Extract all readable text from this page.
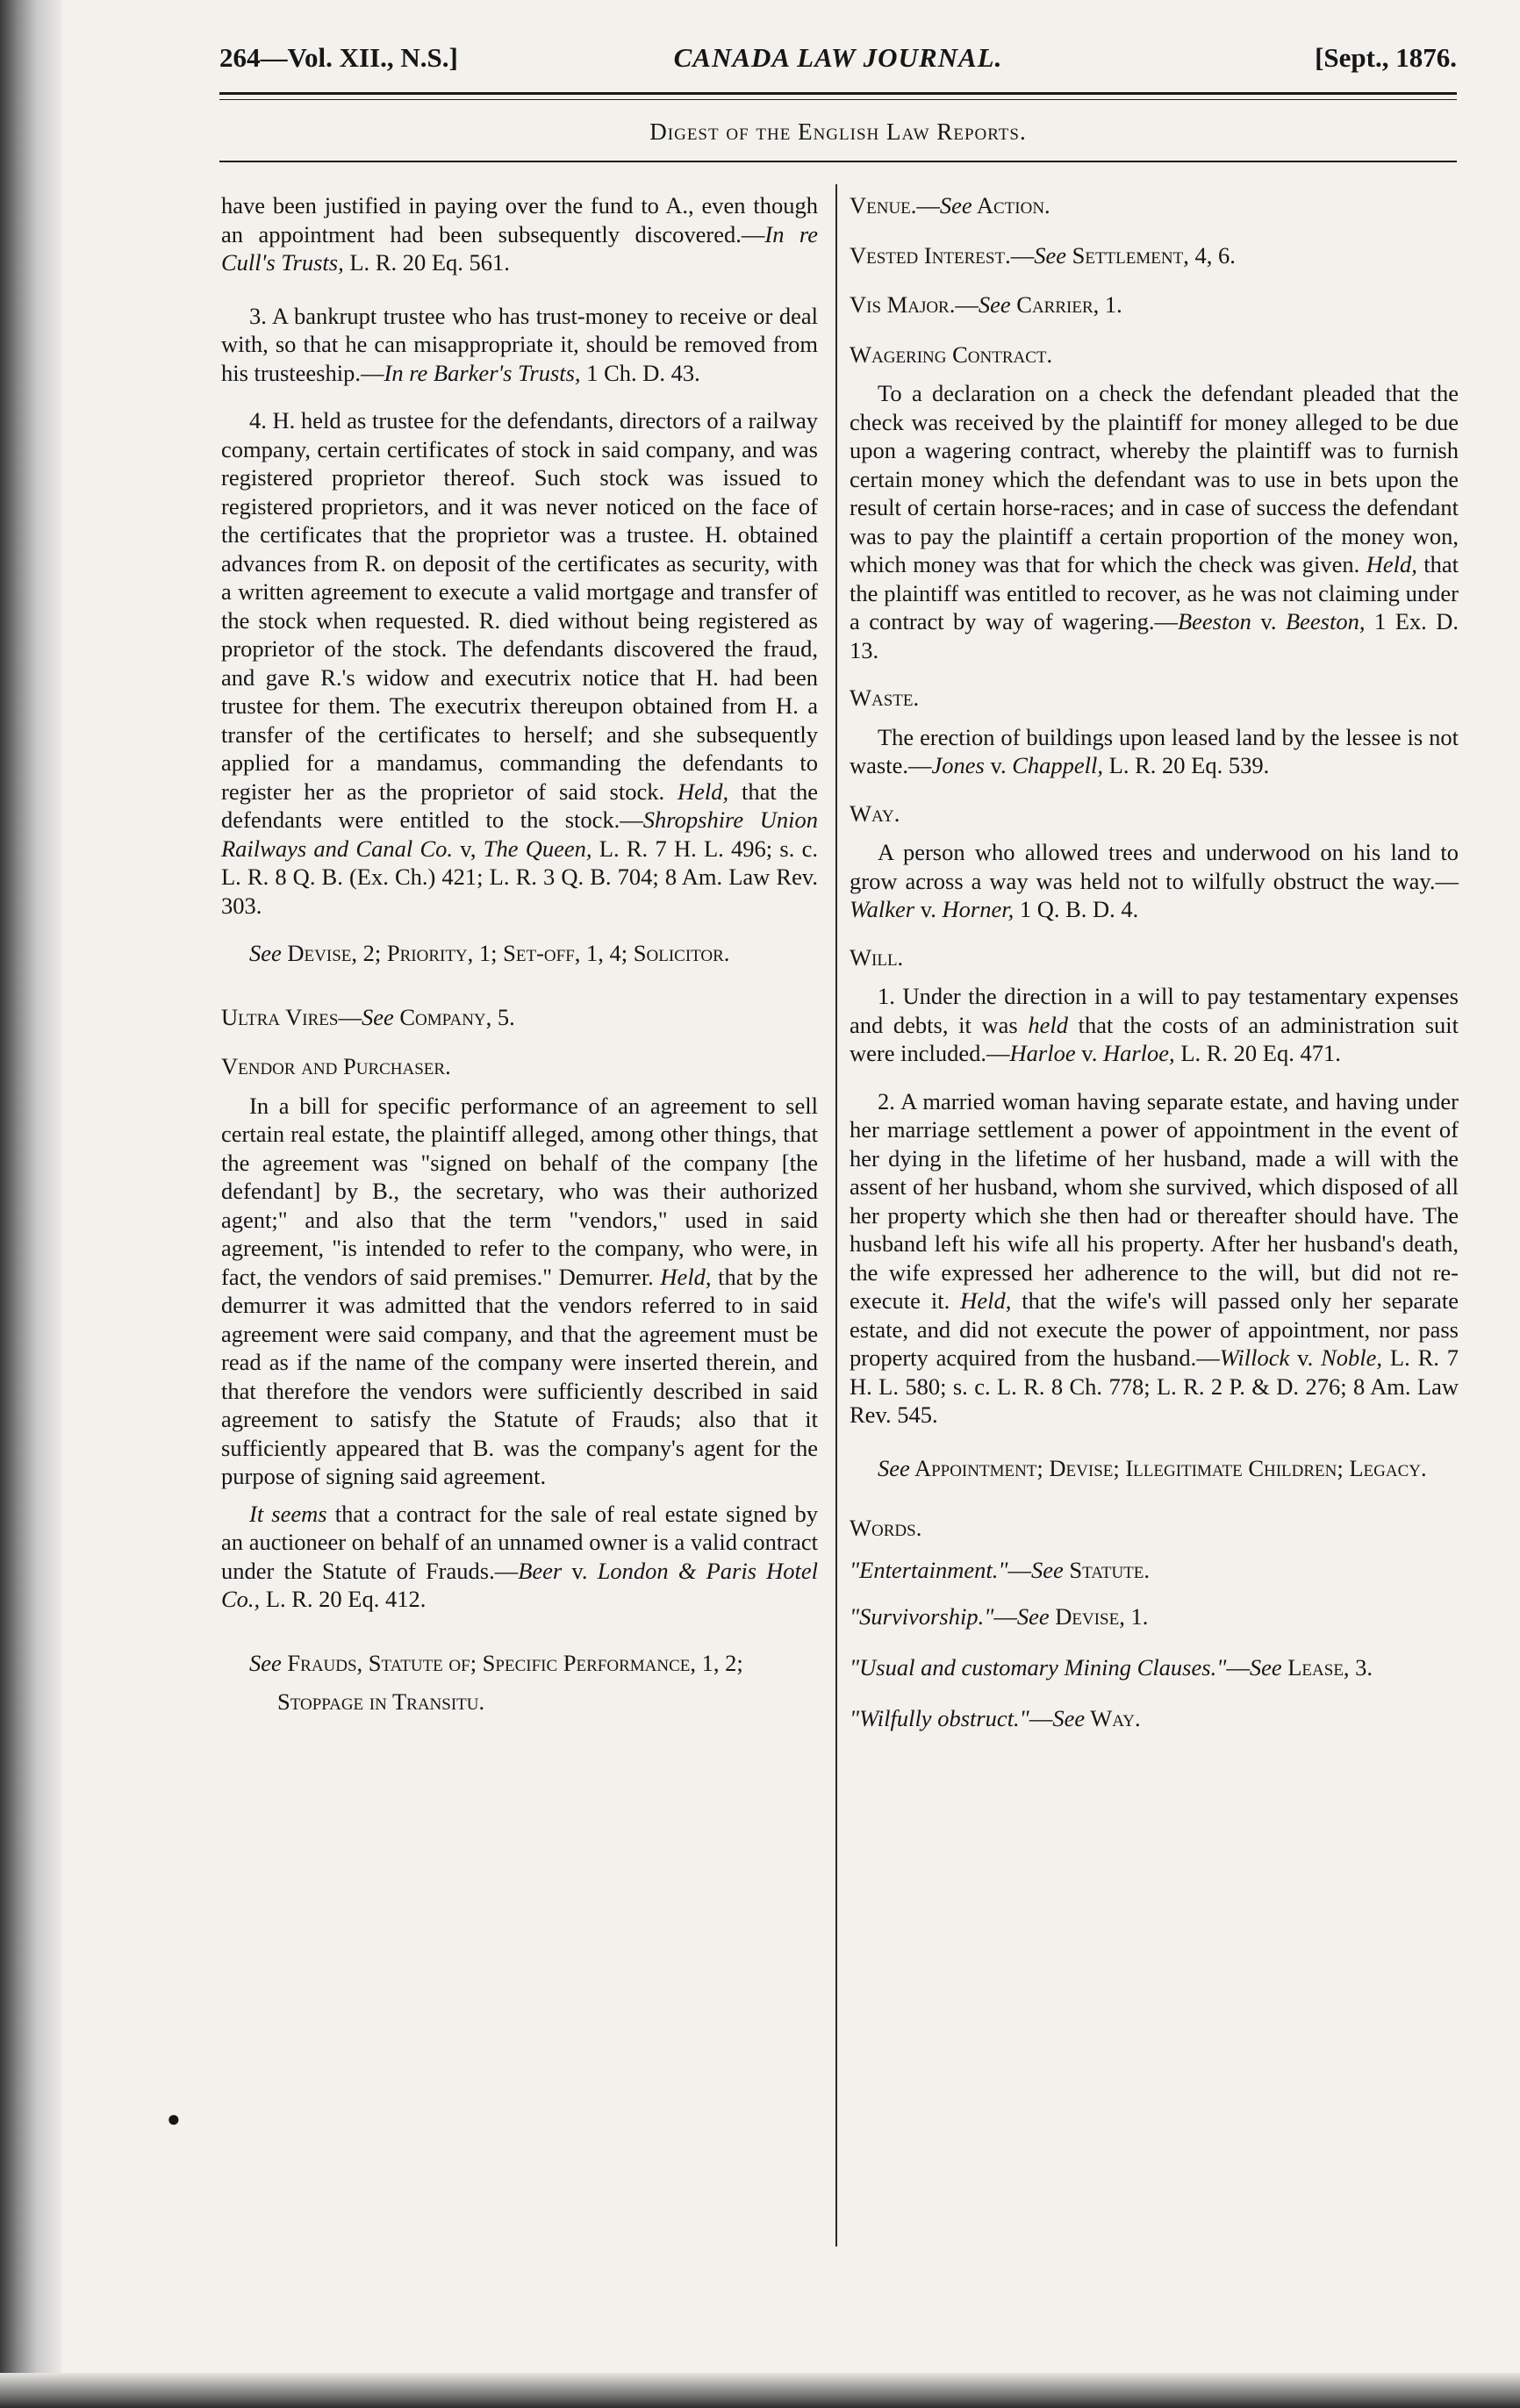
264—Vol. XII., N.S.]	CANADA LAW JOURNAL.	[Sept., 1876.
Digest of the English Law Reports.

have been justified in paying over the fund to A., even though an appointment had been subsequently discovered.—In re Cull's Trusts, L. R. 20 Eq. 561.

3. A bankrupt trustee who has trust-money to receive or deal with, so that he can misappropriate it, should be removed from his trusteeship.—In re Barker's Trusts, 1 Ch. D. 43.

4. H. held as trustee for the defendants, directors of a railway company, certain certificates of stock in said company, and was registered proprietor thereof. Such stock was issued to registered proprietors, and it was never noticed on the face of the certificates that the proprietor was a trustee. H. obtained advances from R. on deposit of the certificates as security, with a written agreement to execute a valid mortgage and transfer of the stock when requested. R. died without being registered as proprietor of the stock. The defendants discovered the fraud, and gave R.'s widow and executrix notice that H. had been trustee for them. The executrix thereupon obtained from H. a transfer of the certificates to herself; and she subsequently applied for a mandamus, commanding the defendants to register her as the proprietor of said stock. Held, that the defendants were entitled to the stock.—Shropshire Union Railways and Canal Co. v, The Queen, L. R. 7 H. L. 496; s. c. L. R. 8 Q. B. (Ex. Ch.) 421; L. R. 3 Q. B. 704; 8 Am. Law Rev. 303.

See Devise, 2; Priority, 1; Set-off, 1, 4; Solicitor.

Ultra Vires—See Company, 5.

Vendor and Purchaser.

In a bill for specific performance of an agreement to sell certain real estate, the plaintiff alleged, among other things, that the agreement was "signed on behalf of the company [the defendant] by B., the secretary, who was their authorized agent;" and also that the term "vendors," used in said agreement, "is intended to refer to the company, who were, in fact, the vendors of said premises." Demurrer. Held, that by the demurrer it was admitted that the vendors referred to in said agreement were said company, and that the agreement must be read as if the name of the company were inserted therein, and that therefore the vendors were sufficiently described in said agreement to satisfy the Statute of Frauds; also that it sufficiently appeared that B. was the company's agent for the purpose of signing said agreement.

It seems that a contract for the sale of real estate signed by an auctioneer on behalf of an unnamed owner is a valid contract under the Statute of Frauds.—Beer v. London & Paris Hotel Co., L. R. 20 Eq. 412.

See Frauds, Statute of; Specific Performance, 1, 2; Stoppage in Transitu.

●

Venue.—See Action.

Vested Interest.—See Settlement, 4, 6.

Vis Major.—See Carrier, 1.

Wagering Contract.

To a declaration on a check the defendant pleaded that the check was received by the plaintiff for money alleged to be due upon a wagering contract, whereby the plaintiff was to furnish certain money which the defendant was to use in bets upon the result of certain horse-races; and in case of success the defendant was to pay the plaintiff a certain proportion of the money won, which money was that for which the check was given. Held, that the plaintiff was entitled to recover, as he was not claiming under a contract by way of wagering.—Beeston v. Beeston, 1 Ex. D. 13.

Waste.

The erection of buildings upon leased land by the lessee is not waste.—Jones v. Chappell, L. R. 20 Eq. 539.

Way.

A person who allowed trees and underwood on his land to grow across a way was held not to wilfully obstruct the way.—Walker v. Horner, 1 Q. B. D. 4.

Will.

1. Under the direction in a will to pay testamentary expenses and debts, it was held that the costs of an administration suit were included.—Harloe v. Harloe, L. R. 20 Eq. 471.

2. A married woman having separate estate, and having under her marriage settlement a power of appointment in the event of her dying in the lifetime of her husband, made a will with the assent of her husband, whom she survived, which disposed of all her property which she then had or thereafter should have. The husband left his wife all his property. After her husband's death, the wife expressed her adherence to the will, but did not re-execute it. Held, that the wife's will passed only her separate estate, and did not execute the power of appointment, nor pass property acquired from the husband.—Willock v. Noble, L. R. 7 H. L. 580; s. c. L. R. 8 Ch. 778; L. R. 2 P. & D. 276; 8 Am. Law Rev. 545.

See Appointment; Devise; Illegitimate Children; Legacy.

Words.

"Entertainment."—See Statute.

"Survivorship."—See Devise, 1.

"Usual and customary Mining Clauses."—See Lease, 3.

"Wilfully obstruct."—See Way.
